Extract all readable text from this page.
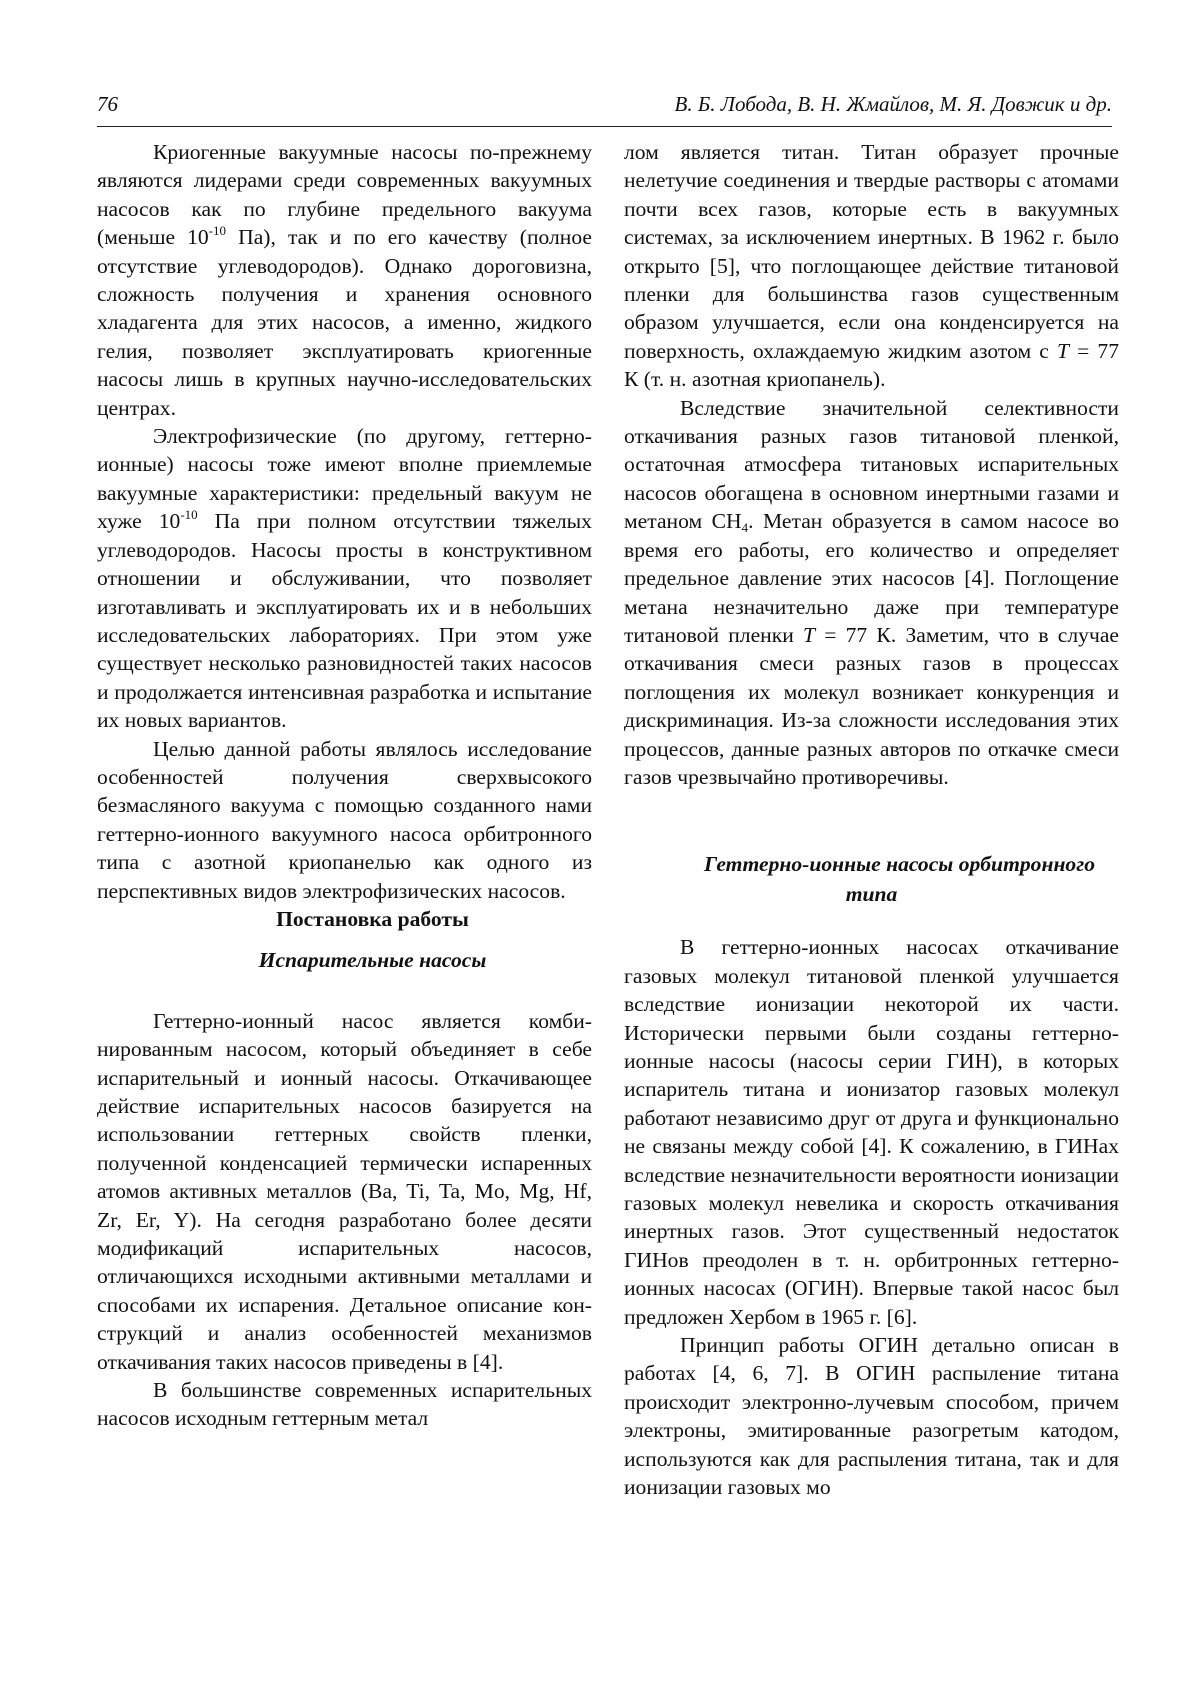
76	В. Б. Лобода, В. Н. Жмайлов, М. Я. Довжик и др.

Криогенные вакуумные насосы по-прежнему являются лидерами среди совре­менных вакуумных насосов как по глубине предельного вакуума (меньше 10-10 Па), так и по его качеству (полное отсутствие углеводо­родов). Однако дороговизна, сложность полу­чения и хранения основного хладагента для этих насосов, а именно, жидкого гелия, позво­ляет эксплуатировать криогенные насосы лишь в крупных научно-исследовательских центрах.

Электрофизические (по другому, геттер­но-ионные) насосы тоже имеют вполне при­емлемые вакуумные характеристики: пре­дельный вакуум не хуже 10-10 Па при полном отсутствии тяжелых углеводородов. Насосы просты в конструктивном отношении и об­служивании, что позволяет изготавливать и эксплуатировать их и в небольших исследова­тельских лабораториях. При этом уже суще­ствует несколько разновидностей таких насо­сов и продолжается интенсивная разработка и испытание их новых вариантов.

Целью данной работы являлось исследо­вание особенностей получения сверхвысокого безмасляного вакуума с помощью созданного нами геттерно-ионного вакуумного насоса ор­битронного типа с азотной криопанелью как одного из перспективных видов электрофизи­ческих насосов.

Постановка работы

Испарительные насосы

Геттерно-ионный насос является комби­нированным насосом, который объединяет в себе испарительный и ионный насосы. Отка­чивающее действие испарительных насосов базируется на использовании геттерных свойств пленки, полученной конденсацией термически испаренных атомов активных ме­таллов (Ba, Ti, Ta, Mo, Mg, Hf, Zr, Er, Y). На сегодня разработано более десяти модифика­ций испарительных насосов, отличающихся исходными активными металлами и способа­ми их испарения. Детальное описание кон­струкций и анализ особенностей механизмов откачивания таких насосов приведены в [4].

В большинстве современных испари­тельных насосов исходным геттерным метал­

лом является титан. Титан образует прочные нелетучие соединения и твердые растворы с атомами почти всех газов, которые есть в ва­куумных системах, за исключением инертных. В 1962 г. было открыто [5], что поглощающее действие титановой пленки для большинства газов существенным образом улучшается, ес­ли она конденсируется на поверхность, охла­ждаемую жидким азотом с T = 77 К (т. н. азотная криопанель).

Вследствие значительной селективности откачивания разных газов титановой пленкой, остаточная атмосфера титановых испаритель­ных насосов обогащена в основном инертны­ми газами и метаном CH4. Метан образуется в самом насосе во время его работы, его коли­чество и определяет предельное давление этих насосов [4]. Поглощение метана незначитель­но даже при температуре титановой пленки T = 77 К. Заметим, что в случае откачивания смеси разных газов в процессах поглощения их молекул возникает конкуренция и дискри­минация. Из-за сложности исследования этих процессов, данные разных авторов по откачке смеси газов чрезвычайно противоречивы.

Геттерно-ионные насосы орбитронного типа

В геттерно-ионных насосах откачивание газовых молекул титановой пленкой улучша­ется вследствие ионизации некоторой их ча­сти. Исторически первыми были созданы гет­терно-ионные насосы (насосы серии ГИН), в которых испаритель титана и ионизатор газо­вых молекул работают независимо друг от друга и функционально не связаны между со­бой [4]. К сожалению, в ГИНах вследствие незначительности вероятности ионизации га­зовых молекул невелика и скорость откачива­ния инертных газов. Этот существенный недостаток ГИНов преодолен в т. н. ор­битронных геттерно-ионных насосах (ОГИН). Впервые такой насос был предложен Хербом в 1965 г. [6].

Принцип работы ОГИН детально описан в работах [4, 6, 7]. В ОГИН распыление титана происходит электронно-лучевым способом, причем электроны, эмитированные разогре­тым катодом, используются как для распыле­ния титана, так и для ионизации газовых мо­
